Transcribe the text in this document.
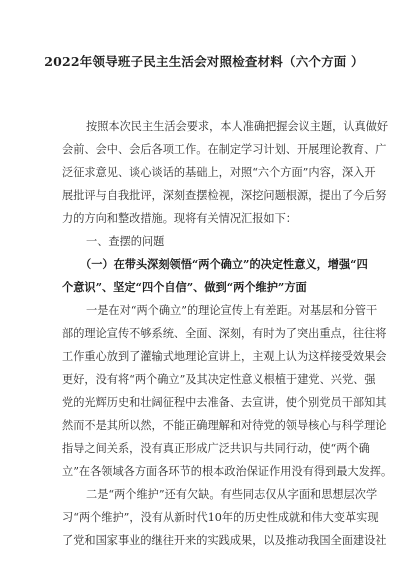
2022年领导班子民主生活会对照检查材料（六个方面 ）
按照本次民主生活会要求，本人准确把握会议主题，认真做好
会前、会中、会后各项工作。在制定学习计划、开展理论教育、广
泛征求意见、谈心谈话的基础上，对照“六个方面”内容，深入开
展批评与自我批评，深刻查摆检视，深挖问题根源，提出了今后努
力的方向和整改措施。现将有关情况汇报如下：
一、查摆的问题
（一）在带头深刻领悟“两个确立”的决定性意义，增强“四
个意识”、坚定“四个自信”、做到“两个维护”方面
一是在对“两个确立”的理论宣传上有差距。对基层和分管干
部的理论宣传不够系统、全面、深刻，有时为了突出重点，往往将
工作重心放到了灌输式地理论宣讲上，主观上认为这样接受效果会
更好，没有将“两个确立”及其决定性意义根植于建党、兴党、强
党的光辉历史和壮阔征程中去准备、去宣讲，使个别党员干部知其
然而不是其所以然，不能正确理解和对待党的领导核心与科学理论
指导之间关系，没有真正形成广泛共识与共同行动，使“两个确
立”在各领域各方面各环节的根本政治保证作用没有得到最大发挥。
二是“两个维护”还有欠缺。有些同志仅从字面和思想层次学
习“两个维护”，没有从新时代10年的历史性成就和伟大变革实现
了党和国家事业的继往开来的实践成果，以及推动我国全面建设社
